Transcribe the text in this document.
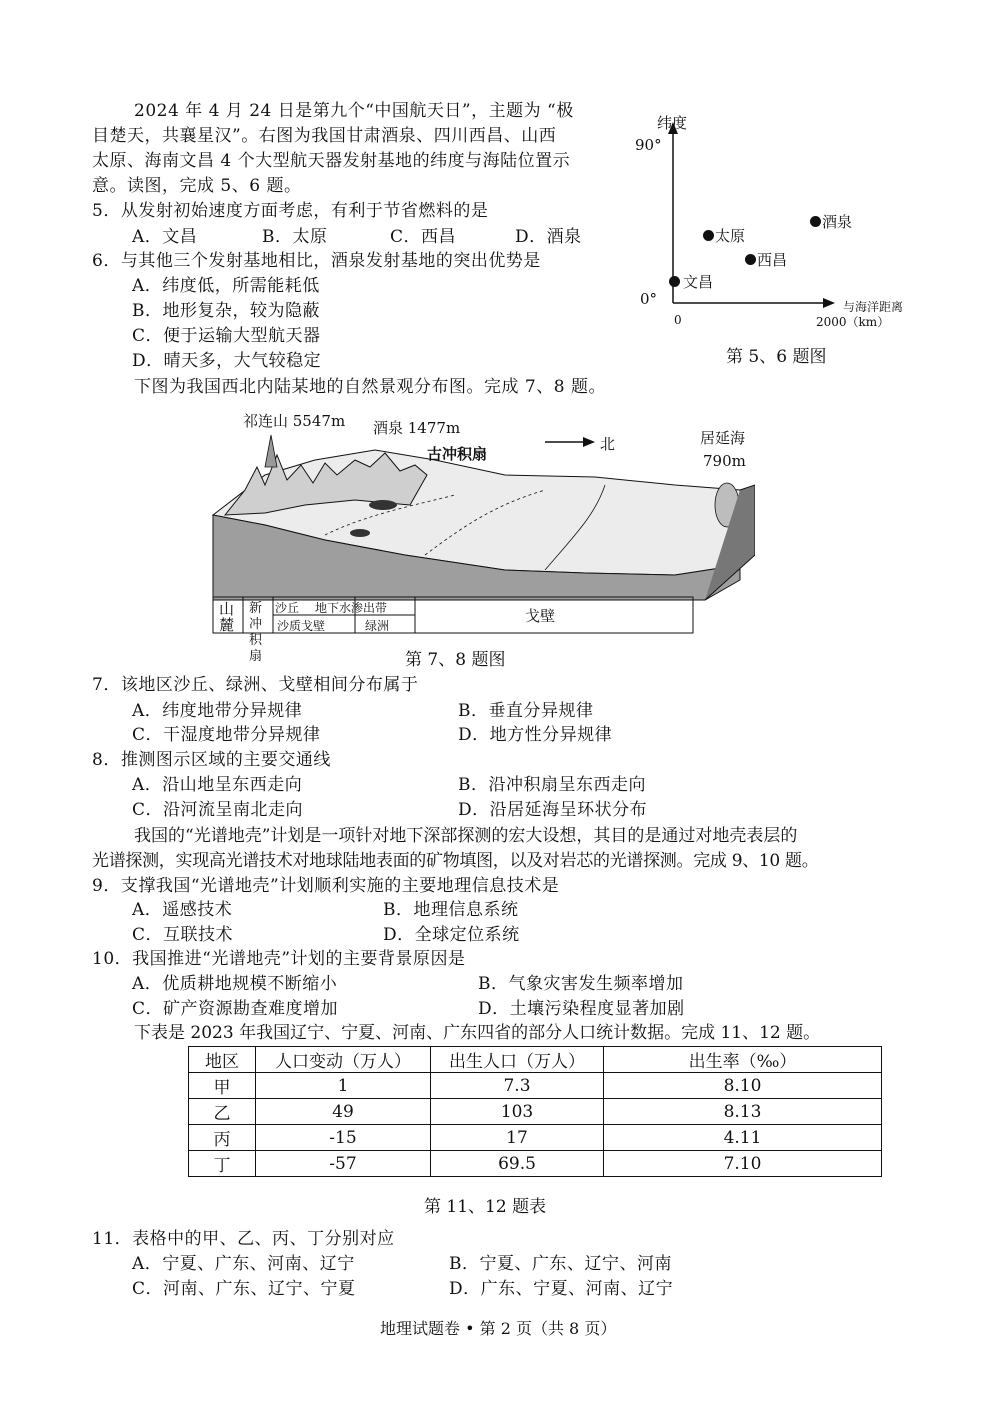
2024 年 4 月 24 日是第九个“中国航天日”，主题为 “极
目楚天，共襄星汉”。右图为我国甘肃酒泉、四川西昌、山西
太原、海南文昌 4 个大型航天器发射基地的纬度与海陆位置示
意。读图，完成 5、6 题。
5．从发射初始速度方面考虑，有利于节省燃料的是
A．文昌	B．太原	C．西昌	D．酒泉
6．与其他三个发射基地相比，酒泉发射基地的突出优势是
A．纬度低，所需能耗低
B．地形复杂，较为隐蔽
C．便于运输大型航天器
D．晴天多，大气较稳定
纬度
90°
0°	与海洋距离
0	2000（km）
酒泉
太原
西昌
文昌
第 5、6 题图
下图为我国西北内陆某地的自然景观分布图。完成 7、8 题。
祁连山 5547m 酒泉 1477m
古冲积扇
北	居延海
790m
山麓
新冲积扇
沙丘 地下水渗出带
沙质戈壁	绿洲
戈壁
第 7、8 题图
7．该地区沙丘、绿洲、戈壁相间分布属于
A．纬度地带分异规律	B．垂直分异规律
C．干湿度地带分异规律	D．地方性分异规律
8．推测图示区域的主要交通线
A．沿山地呈东西走向	B．沿冲积扇呈东西走向
C．沿河流呈南北走向	D．沿居延海呈环状分布
我国的“光谱地壳”计划是一项针对地下深部探测的宏大设想，其目的是通过对地壳表层的
光谱探测，实现高光谱技术对地球陆地表面的矿物填图，以及对岩芯的光谱探测。完成 9、10 题。
9．支撑我国“光谱地壳”计划顺利实施的主要地理信息技术是
A．遥感技术	B．地理信息系统
C．互联技术	D．全球定位系统
10．我国推进“光谱地壳”计划的主要背景原因是
A．优质耕地规模不断缩小	B．气象灾害发生频率增加
C．矿产资源勘查难度增加	D．土壤污染程度显著加剧
下表是 2023 年我国辽宁、宁夏、河南、广东四省的部分人口统计数据。完成 11、12 题。
地区	人口变动（万人）	出生人口（万人）	出生率（‰）
甲	1	7.3	8.10
乙	49	103	8.13
丙	-15	17	4.11
丁	-57	69.5	7.10
第 11、12 题表
11．表格中的甲、乙、丙、丁分别对应
A．宁夏、广东、河南、辽宁	B．宁夏、广东、辽宁、河南
C．河南、广东、辽宁、宁夏	D．广东、宁夏、河南、辽宁
地理试题卷 • 第 2 页（共 8 页）
